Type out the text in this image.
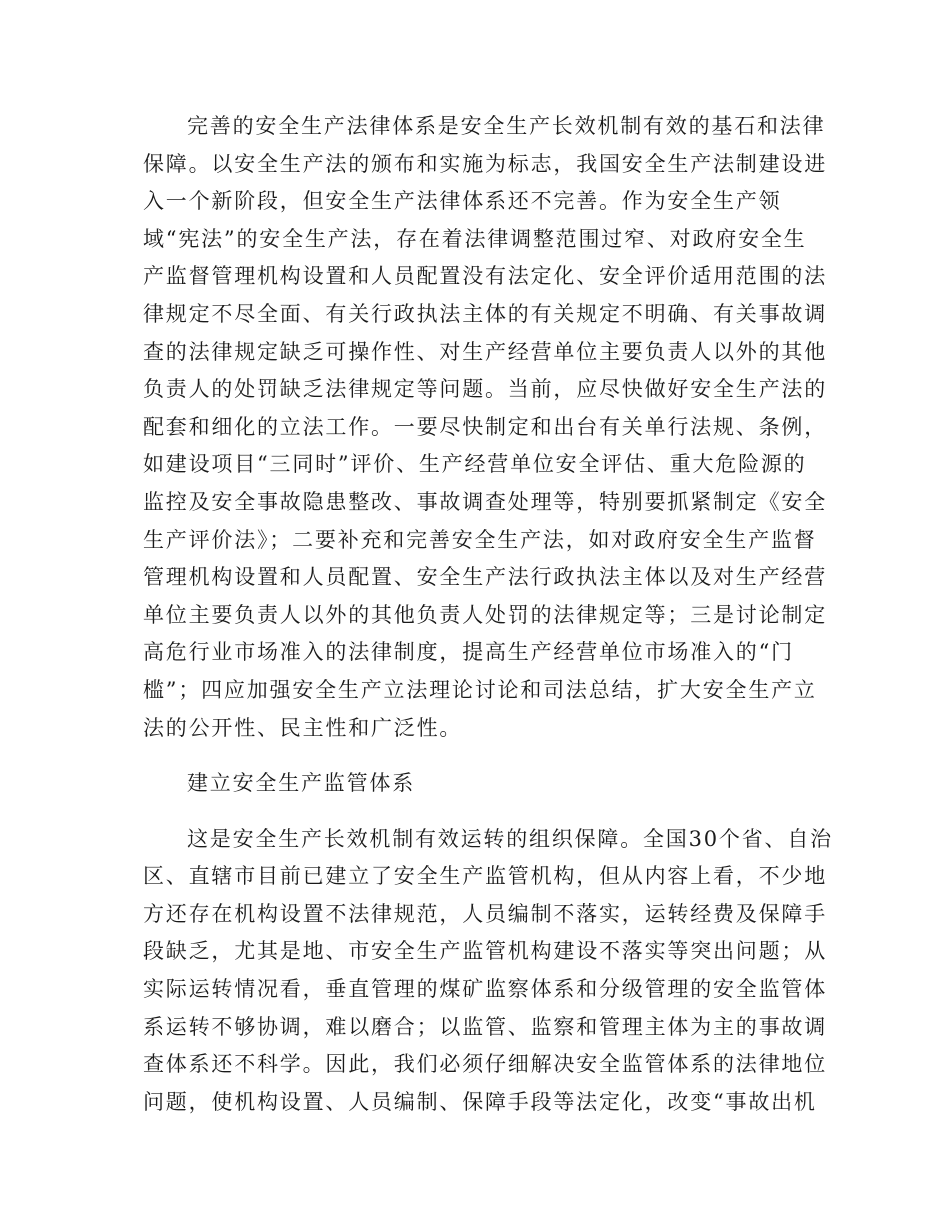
完善的安全生产法律体系是安全生产长效机制有效的基石和法律
保障。以安全生产法的颁布和实施为标志，我国安全生产法制建设进
入一个新阶段，但安全生产法律体系还不完善。作为安全生产领
域“宪法”的安全生产法，存在着法律调整范围过窄、对政府安全生
产监督管理机构设置和人员配置没有法定化、安全评价适用范围的法
律规定不尽全面、有关行政执法主体的有关规定不明确、有关事故调
查的法律规定缺乏可操作性、对生产经营单位主要负责人以外的其他
负责人的处罚缺乏法律规定等问题。当前，应尽快做好安全生产法的
配套和细化的立法工作。一要尽快制定和出台有关单行法规、条例，
如建设项目“三同时”评价、生产经营单位安全评估、重大危险源的
监控及安全事故隐患整改、事故调查处理等，特别要抓紧制定《安全
生产评价法》；二要补充和完善安全生产法，如对政府安全生产监督
管理机构设置和人员配置、安全生产法行政执法主体以及对生产经营
单位主要负责人以外的其他负责人处罚的法律规定等；三是讨论制定
高危行业市场准入的法律制度，提高生产经营单位市场准入的“门
槛”；四应加强安全生产立法理论讨论和司法总结，扩大安全生产立
法的公开性、民主性和广泛性。
建立安全生产监管体系
这是安全生产长效机制有效运转的组织保障。全国30个省、自治
区、直辖市目前已建立了安全生产监管机构，但从内容上看，不少地
方还存在机构设置不法律规范，人员编制不落实，运转经费及保障手
段缺乏，尤其是地、市安全生产监管机构建设不落实等突出问题；从
实际运转情况看，垂直管理的煤矿监察体系和分级管理的安全监管体
系运转不够协调，难以磨合；以监管、监察和管理主体为主的事故调
查体系还不科学。因此，我们必须仔细解决安全监管体系的法律地位
问题，使机构设置、人员编制、保障手段等法定化，改变“事故出机
